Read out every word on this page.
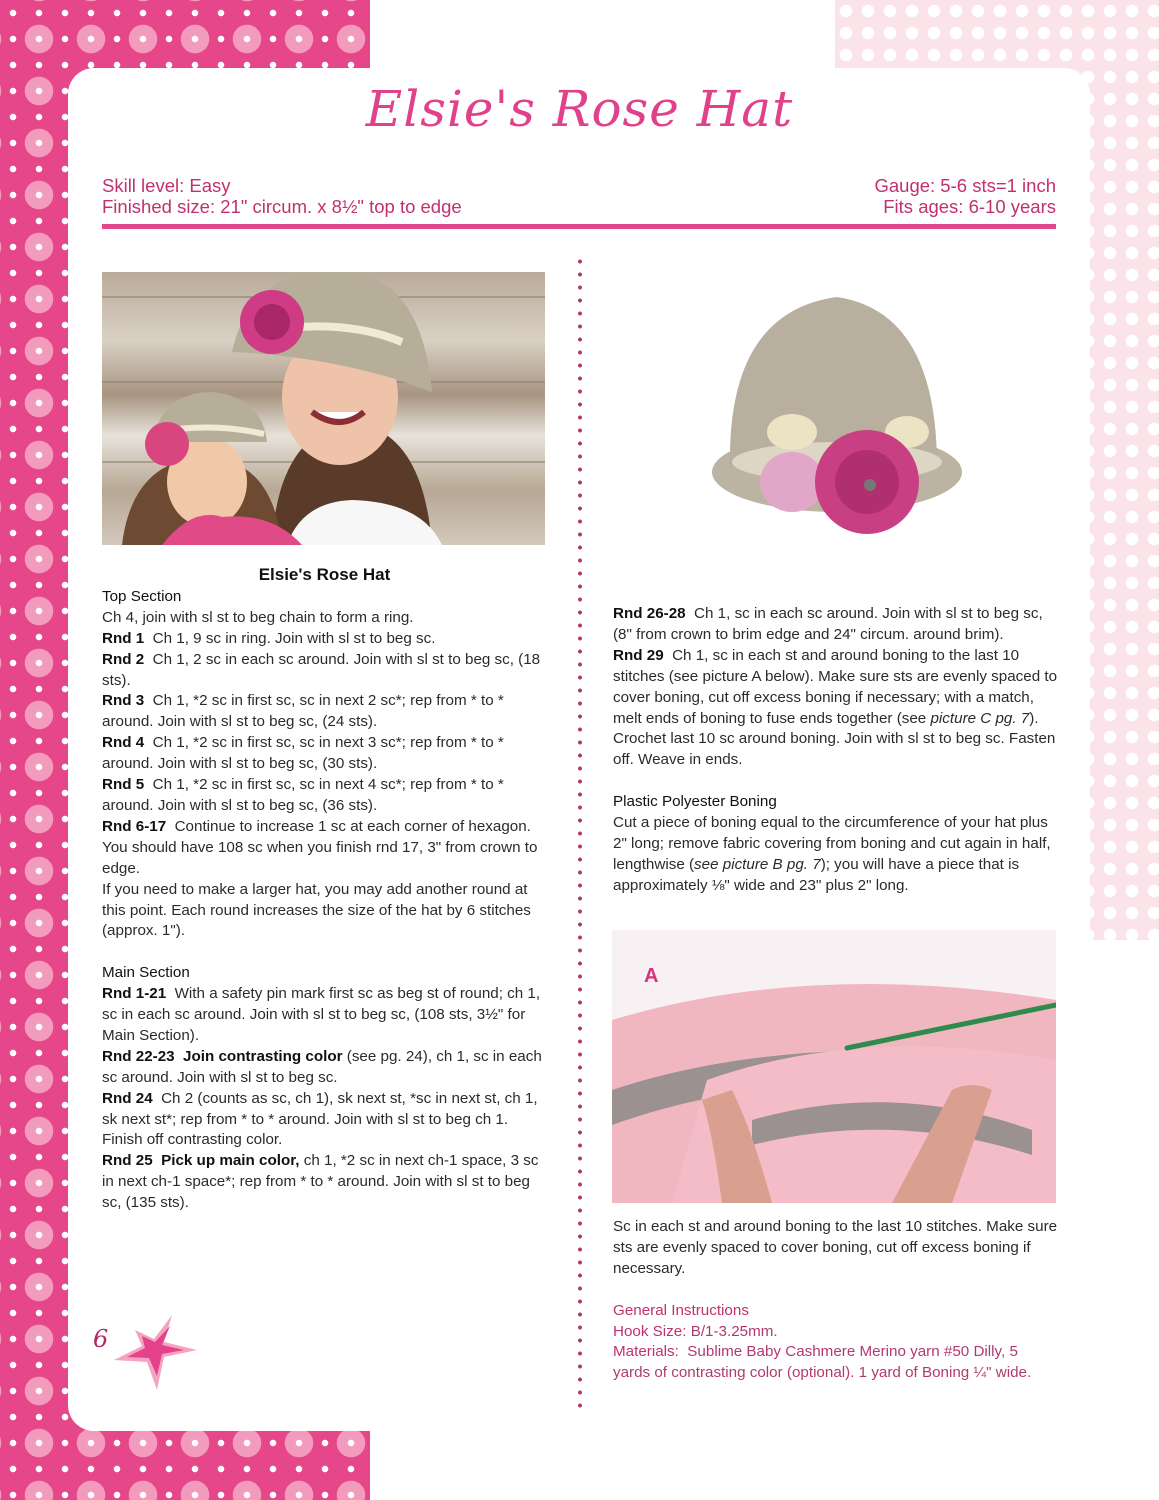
Elsie's Rose Hat
Skill level: Easy
Finished size: 21" circum. x 8½" top to edge
Gauge: 5-6 sts=1 inch
Fits ages: 6-10 years
Elsie's Rose Hat
Top Section
Ch 4, join with sl st to beg chain to form a ring.
Rnd 1 Ch 1, 9 sc in ring. Join with sl st to beg sc.
Rnd 2 Ch 1, 2 sc in each sc around. Join with sl st to beg sc, (18 sts).
Rnd 3 Ch 1, *2 sc in first sc, sc in next 2 sc*; rep from * to * around. Join with sl st to beg sc, (24 sts).
Rnd 4 Ch 1, *2 sc in first sc, sc in next 3 sc*; rep from * to * around. Join with sl st to beg sc, (30 sts).
Rnd 5 Ch 1, *2 sc in first sc, sc in next 4 sc*; rep from * to * around. Join with sl st to beg sc, (36 sts).
Rnd 6-17 Continue to increase 1 sc at each corner of hexagon. You should have 108 sc when you finish rnd 17, 3" from crown to edge.
If you need to make a larger hat, you may add another round at this point. Each round increases the size of the hat by 6 stitches (approx. 1").
Main Section
Rnd 1-21 With a safety pin mark first sc as beg st of round; ch 1, sc in each sc around. Join with sl st to beg sc, (108 sts, 3½" for Main Section).
Rnd 22-23 Join contrasting color (see pg. 24), ch 1, sc in each sc around. Join with sl st to beg sc.
Rnd 24 Ch 2 (counts as sc, ch 1), sk next st, *sc in next st, ch 1, sk next st*; rep from * to * around. Join with sl st to beg ch 1. Finish off contrasting color.
Rnd 25 Pick up main color, ch 1, *2 sc in next ch-1 space, 3 sc in next ch-1 space*; rep from * to * around. Join with sl st to beg sc, (135 sts).
Rnd 26-28 Ch 1, sc in each sc around. Join with sl st to beg sc, (8" from crown to brim edge and 24" circum. around brim).
Rnd 29 Ch 1, sc in each st and around boning to the last 10 stitches (see picture A below). Make sure sts are evenly spaced to cover boning, cut off excess boning if necessary; with a match, melt ends of boning to fuse ends together (see picture C pg. 7). Crochet last 10 sc around boning. Join with sl st to beg sc. Fasten off. Weave in ends.
Plastic Polyester Boning
Cut a piece of boning equal to the circumference of your hat plus 2" long; remove fabric covering from boning and cut again in half, lengthwise (see picture B pg. 7); you will have a piece that is approximately ⅛" wide and 23" plus 2" long.
A
Sc in each st and around boning to the last 10 stitches. Make sure sts are evenly spaced to cover boning, cut off excess boning if necessary.
General Instructions
Hook Size: B/1-3.25mm.
Materials: Sublime Baby Cashmere Merino yarn #50 Dilly, 5 yards of contrasting color (optional). 1 yard of Boning ¼" wide.
6
